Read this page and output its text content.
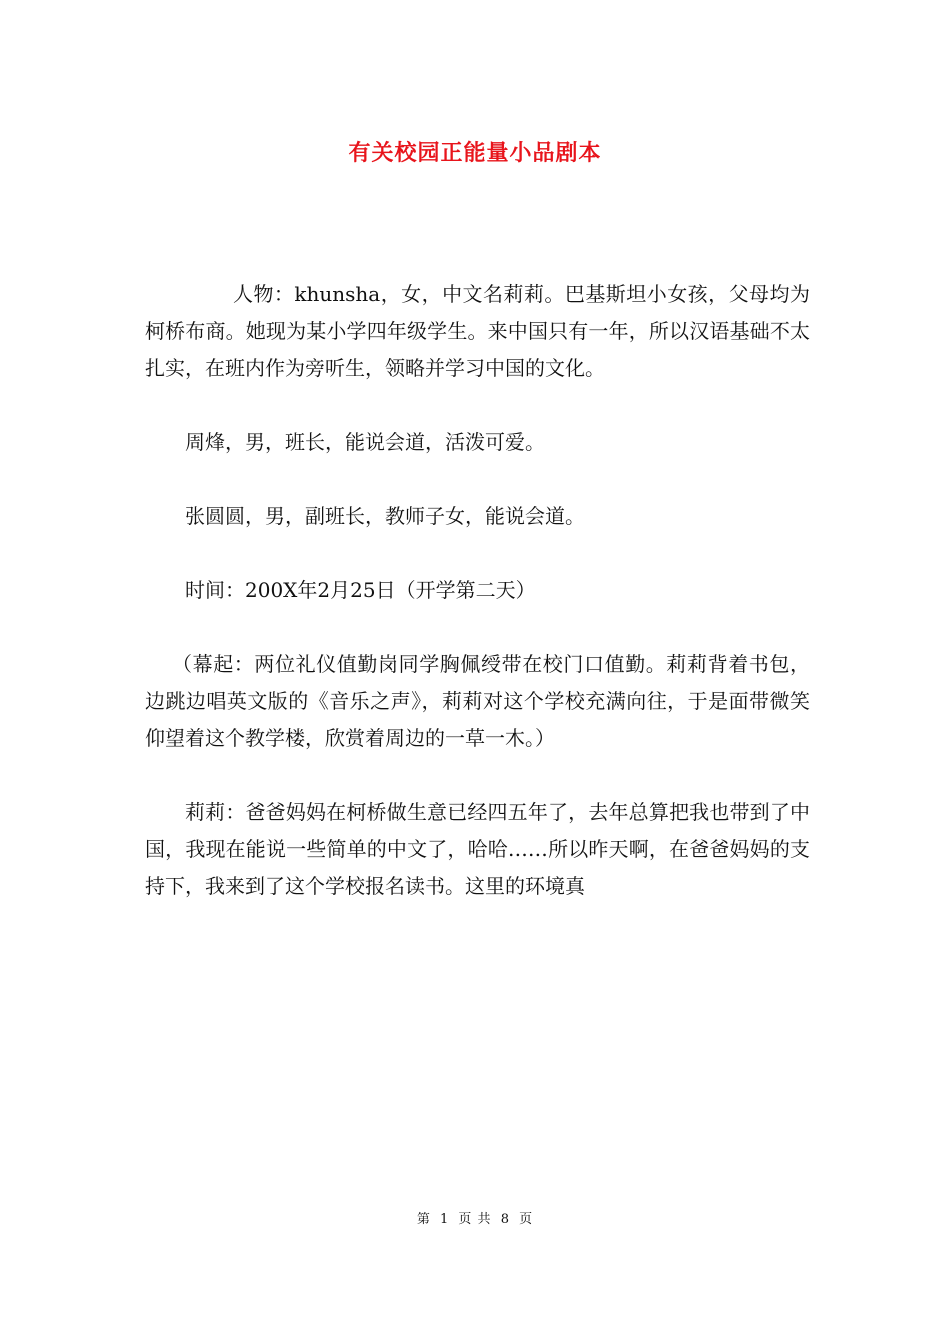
有关校园正能量小品剧本

人物：khunsha，女，中文名莉莉。巴基斯坦小女孩，父母均为柯桥布商。她现为某小学四年级学生。来中国只有一年，所以汉语基础不太扎实，在班内作为旁听生，领略并学习中国的文化。

周烽，男，班长，能说会道，活泼可爱。

张圆圆，男，副班长，教师子女，能说会道。

时间：200X年2月25日（开学第二天）

（幕起：两位礼仪值勤岗同学胸佩绶带在校门口值勤。莉莉背着书包，边跳边唱英文版的《音乐之声》，莉莉对这个学校充满向往，于是面带微笑仰望着这个教学楼，欣赏着周边的一草一木。）

莉莉：爸爸妈妈在柯桥做生意已经四五年了，去年总算把我也带到了中国，我现在能说一些简单的中文了，哈哈……所以昨天啊，在爸爸妈妈的支持下，我来到了这个学校报名读书。这里的环境真

第 1 页 共 8 页
